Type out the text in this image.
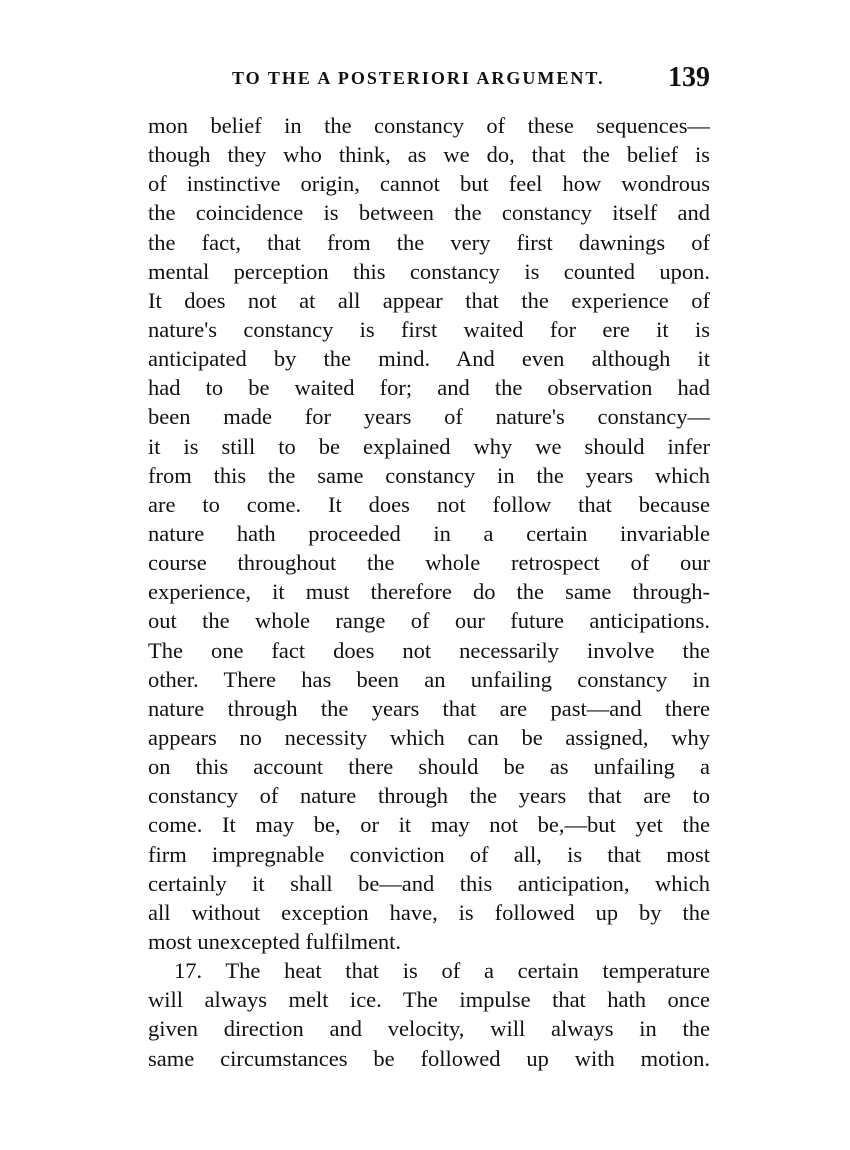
TO THE A POSTERIORI ARGUMENT. 139
mon belief in the constancy of these sequences—
though they who think, as we do, that the belief is
of instinctive origin, cannot but feel how wondrous
the coincidence is between the constancy itself and
the fact, that from the very first dawnings of
mental perception this constancy is counted upon.
It does not at all appear that the experience of
nature's constancy is first waited for ere it is
anticipated by the mind. And even although it
had to be waited for; and the observation had
been made for years of nature's constancy—
it is still to be explained why we should infer
from this the same constancy in the years which
are to come. It does not follow that because
nature hath proceeded in a certain invariable
course throughout the whole retrospect of our
experience, it must therefore do the same through-
out the whole range of our future anticipations.
The one fact does not necessarily involve the
other. There has been an unfailing constancy in
nature through the years that are past—and there
appears no necessity which can be assigned, why
on this account there should be as unfailing a
constancy of nature through the years that are to
come. It may be, or it may not be,—but yet the
firm impregnable conviction of all, is that most
certainly it shall be—and this anticipation, which
all without exception have, is followed up by the
most unexcepted fulfilment.
17. The heat that is of a certain temperature
will always melt ice. The impulse that hath once
given direction and velocity, will always in the
same circumstances be followed up with motion.
